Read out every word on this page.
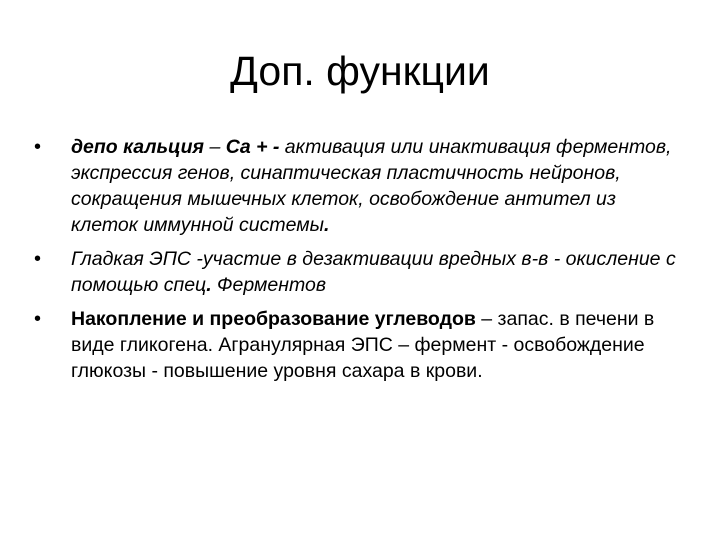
Доп. функции
•	депо кальция – Ca + - активация или инактивация ферментов, экспрессия генов, синаптическая пластичность нейронов, сокращения мышечных клеток, освобождение антител из клеток иммунной системы.
•	Гладкая ЭПС -участие в дезактивации вредных в-в - окисление с помощью спец. Ферментов
•	Накопление и преобразование углеводов – запас. в печени в виде гликогена. Агранулярная ЭПС – фермент - освобождение глюкозы - повышение уровня сахара в крови.
